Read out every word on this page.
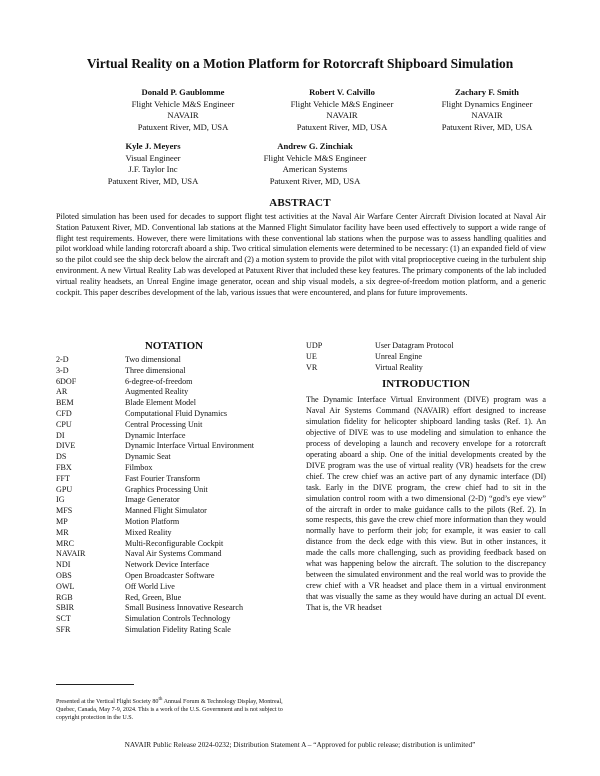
Virtual Reality on a Motion Platform for Rotorcraft Shipboard Simulation
Donald P. Gaublomme
Flight Vehicle M&S Engineer
NAVAIR
Patuxent River, MD, USA
Robert V. Calvillo
Flight Vehicle M&S Engineer
NAVAIR
Patuxent River, MD, USA
Zachary F. Smith
Flight Dynamics Engineer
NAVAIR
Patuxent River, MD, USA
Kyle J. Meyers
Visual Engineer
J.F. Taylor Inc
Patuxent River, MD, USA
Andrew G. Zinchiak
Flight Vehicle M&S Engineer
American Systems
Patuxent River, MD, USA
ABSTRACT

Piloted simulation has been used for decades to support flight test activities at the Naval Air Warfare Center Aircraft Division located at Naval Air Station Patuxent River, MD. Conventional lab stations at the Manned Flight Simulator facility have been used effectively to support a wide range of flight test requirements. However, there were limitations with these conventional lab stations when the purpose was to assess handling qualities and pilot workload while landing rotorcraft aboard a ship. Two critical simulation elements were determined to be necessary: (1) an expanded field of view so the pilot could see the ship deck below the aircraft and (2) a motion system to provide the pilot with vital proprioceptive cueing in the turbulent ship environment. A new Virtual Reality Lab was developed at Patuxent River that included these key features. The primary components of the lab included virtual reality headsets, an Unreal Engine image generator, ocean and ship visual models, a six degree-of-freedom motion platform, and a generic cockpit. This paper describes development of the lab, various issues that were encountered, and plans for future improvements.

NOTATION
2-D	Two dimensional
3-D	Three dimensional
6DOF	6-degree-of-freedom
AR	Augmented Reality
BEM	Blade Element Model
CFD	Computational Fluid Dynamics
CPU	Central Processing Unit
DI	Dynamic Interface
DIVE	Dynamic Interface Virtual Environment
DS	Dynamic Seat
FBX	Filmbox
FFT	Fast Fourier Transform
GPU	Graphics Processing Unit
IG	Image Generator
MFS	Manned Flight Simulator
MP	Motion Platform
MR	Mixed Reality
MRC	Multi-Reconfigurable Cockpit
NAVAIR	Naval Air Systems Command
NDI	Network Device Interface
OBS	Open Broadcaster Software
OWL	Off World Live
RGB	Red, Green, Blue
SBIR	Small Business Innovative Research
SCT	Simulation Controls Technology
SFR	Simulation Fidelity Rating Scale
UDP	User Datagram Protocol
UE	Unreal Engine
VR	Virtual Reality
INTRODUCTION

The Dynamic Interface Virtual Environment (DIVE) program was a Naval Air Systems Command (NAVAIR) effort designed to increase simulation fidelity for helicopter shipboard landing tasks (Ref. 1). An objective of DIVE was to use modeling and simulation to enhance the process of developing a launch and recovery envelope for a rotorcraft operating aboard a ship. One of the initial developments created by the DIVE program was the use of virtual reality (VR) headsets for the crew chief. The crew chief was an active part of any dynamic interface (DI) task. Early in the DIVE program, the crew chief had to sit in the simulation control room with a two dimensional (2-D) “god’s eye view” of the aircraft in order to make guidance calls to the pilots (Ref. 2). In some respects, this gave the crew chief more information than they would normally have to perform their job; for example, it was easier to call distance from the deck edge with this view. But in other instances, it made the calls more challenging, such as providing feedback based on what was happening below the aircraft. The solution to the discrepancy between the simulated environment and the real world was to provide the crew chief with a VR headset and place them in a virtual environment that was visually the same as they would have during an actual DI event. That is, the VR headset

Presented at the Vertical Flight Society 80th Annual Forum & Technology Display, Montreal, Quebec, Canada, May 7-9, 2024. This is a work of the U.S. Government and is not subject to copyright protection in the U.S.

NAVAIR Public Release 2024-0232; Distribution Statement A – “Approved for public release; distribution is unlimited”
